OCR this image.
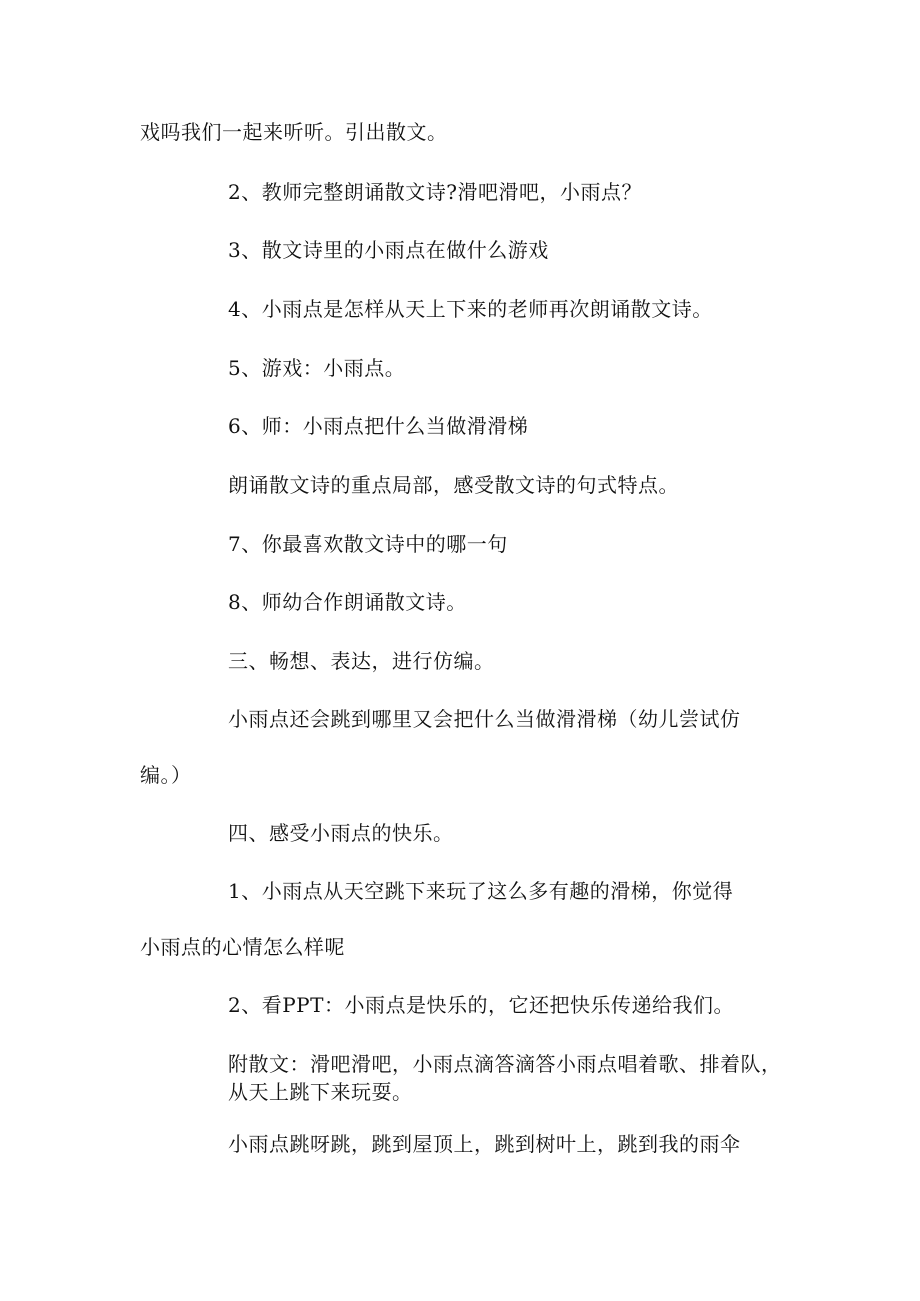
戏吗我们一起来听听。引出散文。
2、教师完整朗诵散文诗?滑吧滑吧，小雨点？
3、散文诗里的小雨点在做什么游戏
4、小雨点是怎样从天上下来的老师再次朗诵散文诗。
5、游戏：小雨点。
6、师：小雨点把什么当做滑滑梯
朗诵散文诗的重点局部，感受散文诗的句式特点。
7、你最喜欢散文诗中的哪一句
8、师幼合作朗诵散文诗。
三、畅想、表达，进行仿编。
小雨点还会跳到哪里又会把什么当做滑滑梯（幼儿尝试仿
编。）
四、感受小雨点的快乐。
1、小雨点从天空跳下来玩了这么多有趣的滑梯，你觉得
小雨点的心情怎么样呢
2、看PPT：小雨点是快乐的，它还把快乐传递给我们。
附散文：滑吧滑吧，小雨点滴答滴答小雨点唱着歌、排着队，
从天上跳下来玩耍。
小雨点跳呀跳，跳到屋顶上，跳到树叶上，跳到我的雨伞
